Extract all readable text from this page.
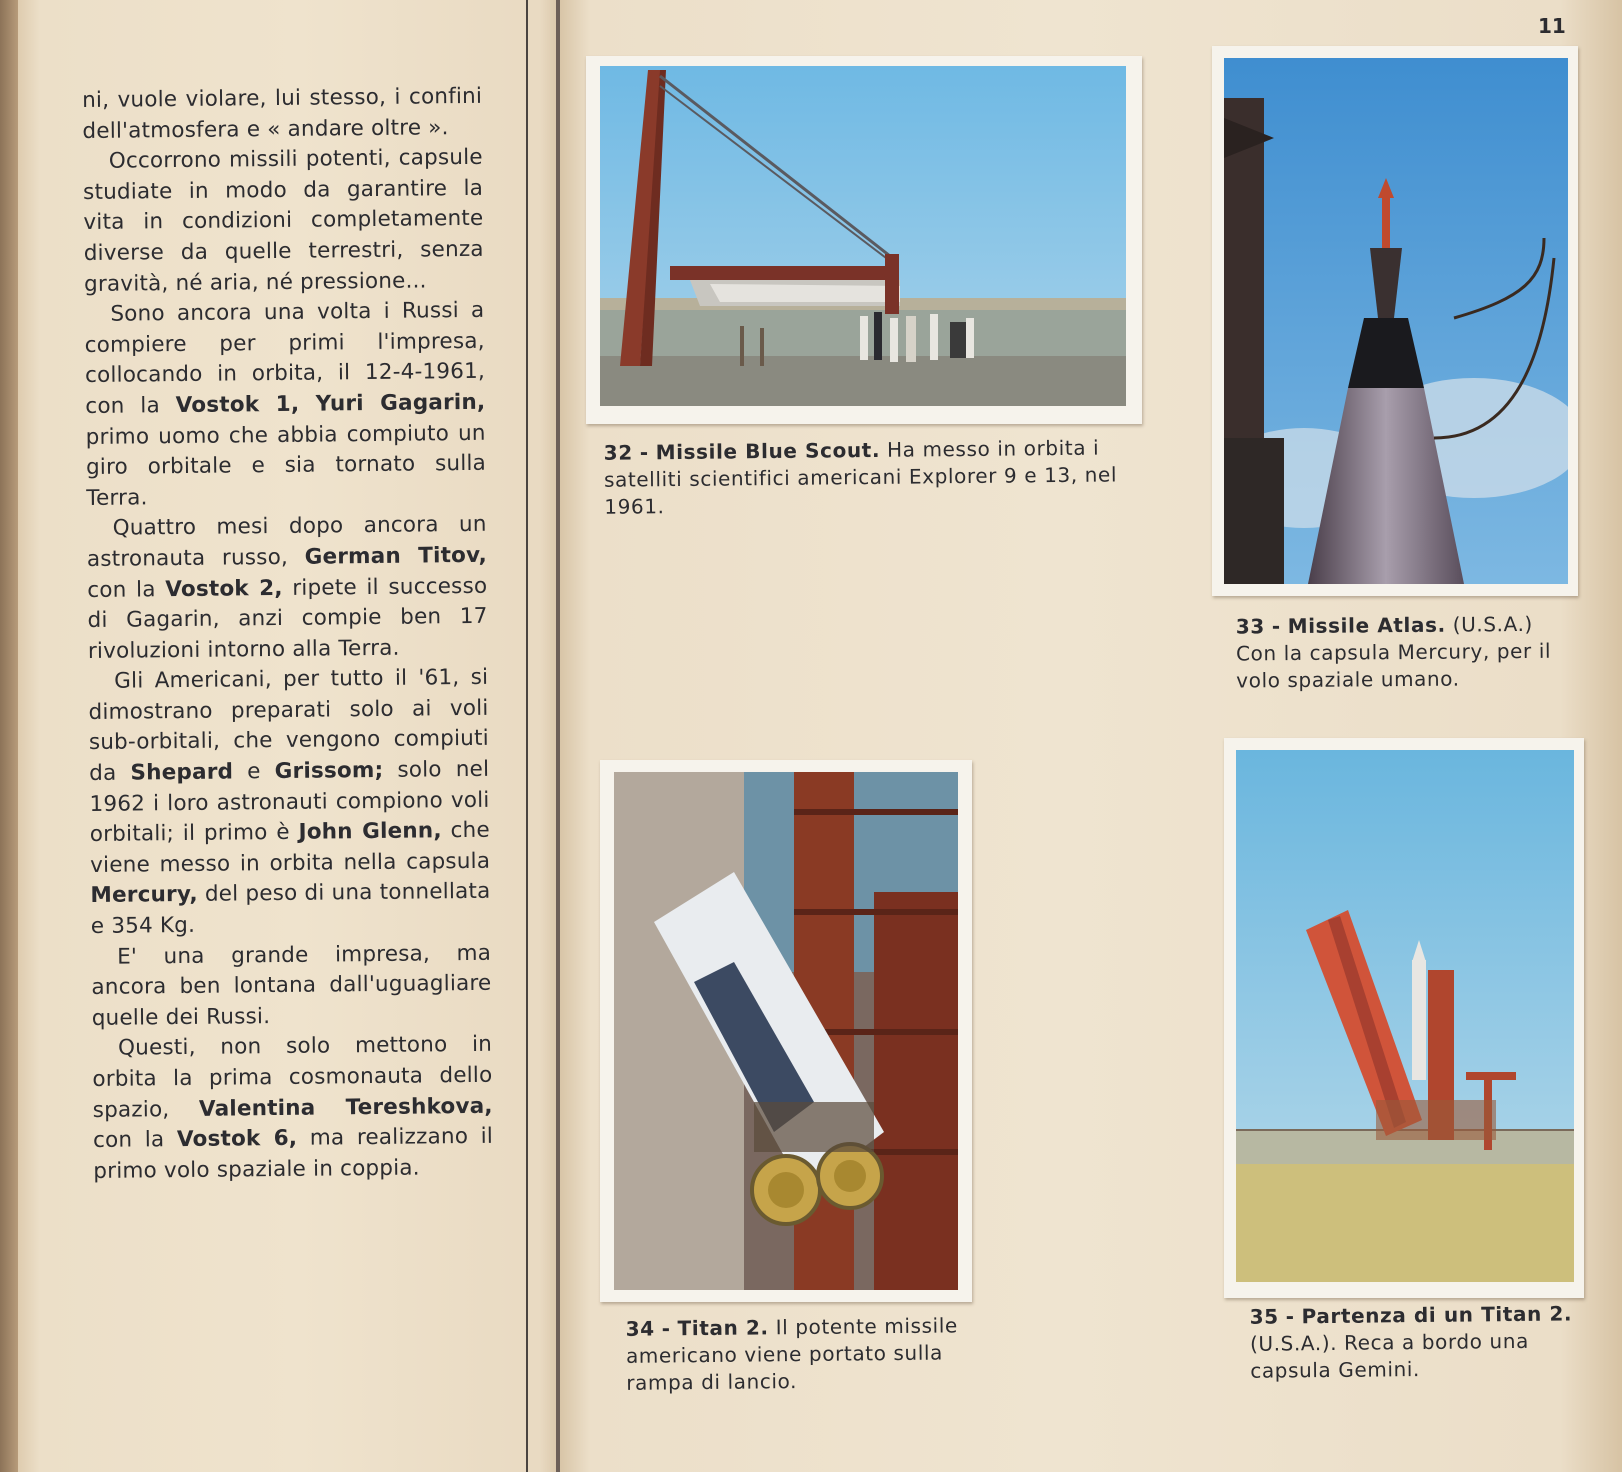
11

ni, vuole violare, lui stesso, i confini dell'atmosfera e « andare oltre ».

Occorrono missili potenti, capsule studiate in modo da garantire la vita in condizioni completamente diverse da quelle terrestri, senza gravità, né aria, né pressione...

Sono ancora una volta i Russi a compiere per primi l'impresa, collocando in orbita, il 12-4-1961, con la Vostok 1, Yuri Gagarin, primo uomo che abbia compiuto un giro orbitale e sia tornato sulla Terra.

Quattro mesi dopo ancora un astronauta russo, German Titov, con la Vostok 2, ripete il successo di Gagarin, anzi compie ben 17 rivoluzioni intorno alla Terra.

Gli Americani, per tutto il '61, si dimostrano preparati solo ai voli sub-orbitali, che vengono compiuti da Shepard e Grissom; solo nel 1962 i loro astronauti compiono voli orbitali; il primo è John Glenn, che viene messo in orbita nella capsula Mercury, del peso di una tonnellata e 354 Kg.

E' una grande impresa, ma ancora ben lontana dall'uguagliare quelle dei Russi.

Questi, non solo mettono in orbita la prima cosmonauta dello spazio, Valentina Tereshkova, con la Vostok 6, ma realizzano il primo volo spaziale in coppia.

32 - Missile Blue Scout. Ha messo in orbita i satelliti scientifici americani Explorer 9 e 13, nel 1961.
33 - Missile Atlas. (U.S.A.) Con la capsula Mercury, per il volo spaziale umano.
34 - Titan 2. Il potente missile americano viene portato sulla rampa di lancio.
35 - Partenza di un Titan 2. (U.S.A.). Reca a bordo una capsula Gemini.
